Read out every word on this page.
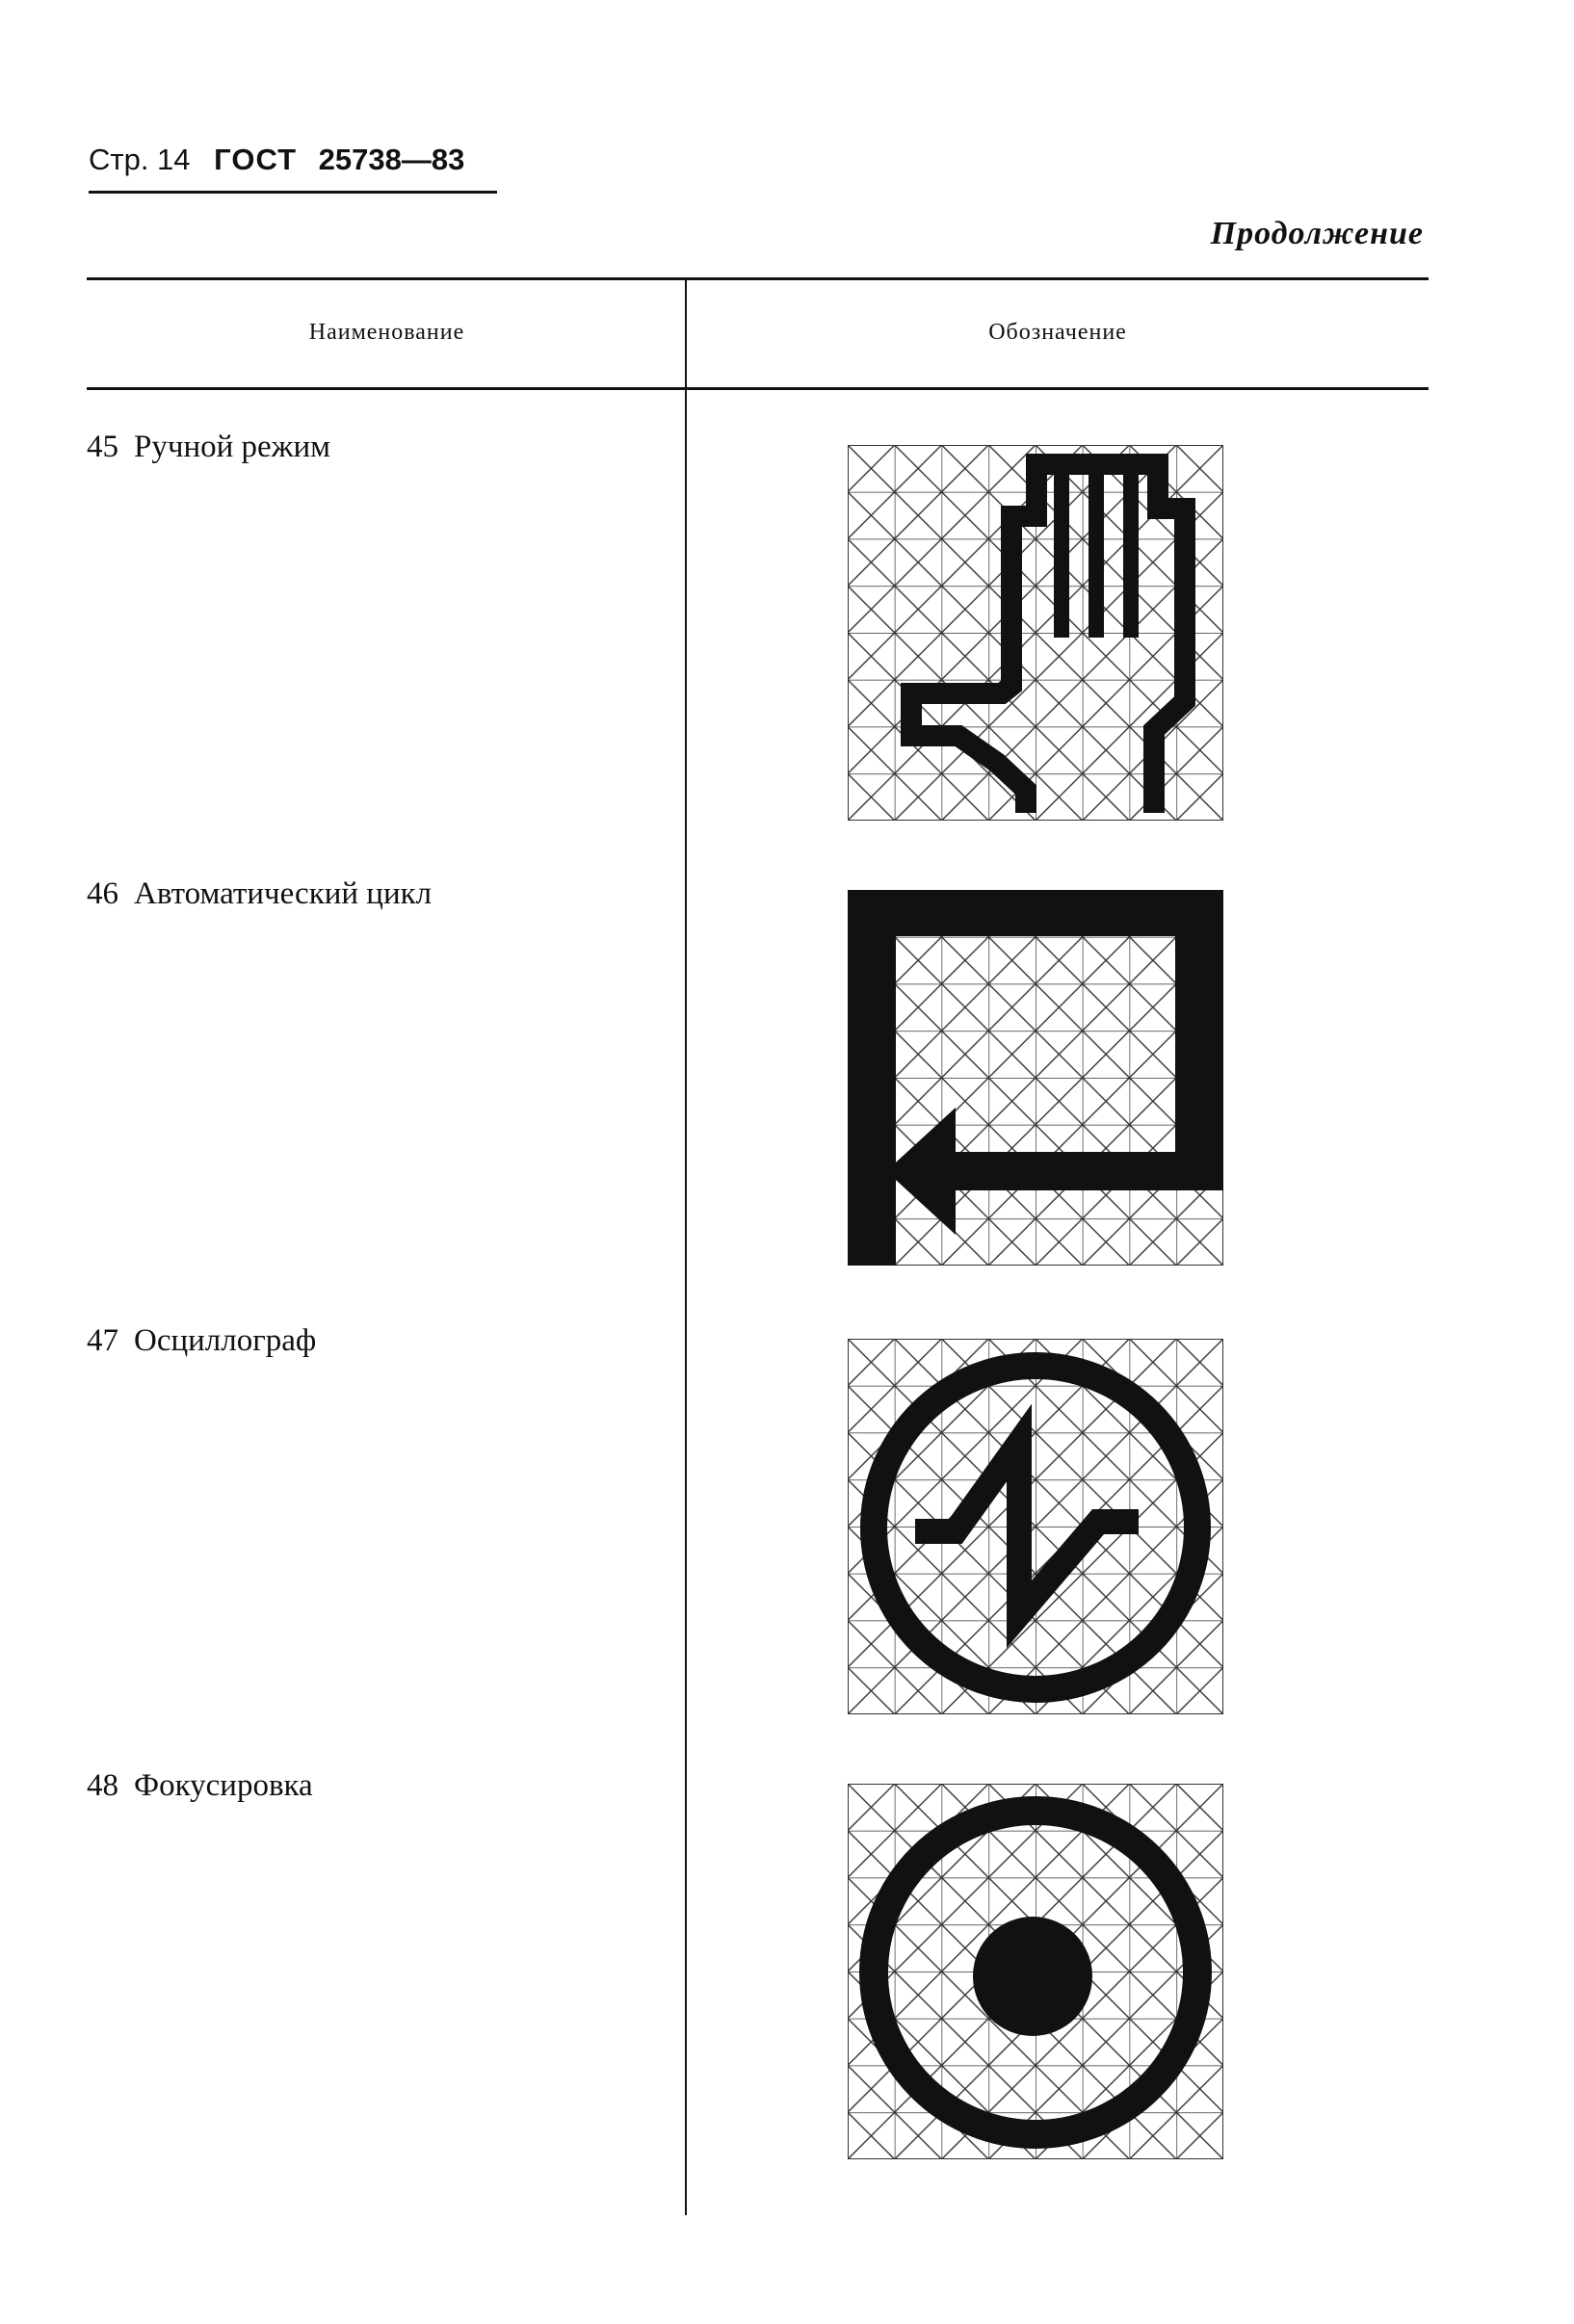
Стр. 14 ГОСТ 25738—83
Продолжение
Наименование	Обозначение
45 Ручной режим
46 Автоматический цикл
47 Осциллограф
48 Фокусировка
